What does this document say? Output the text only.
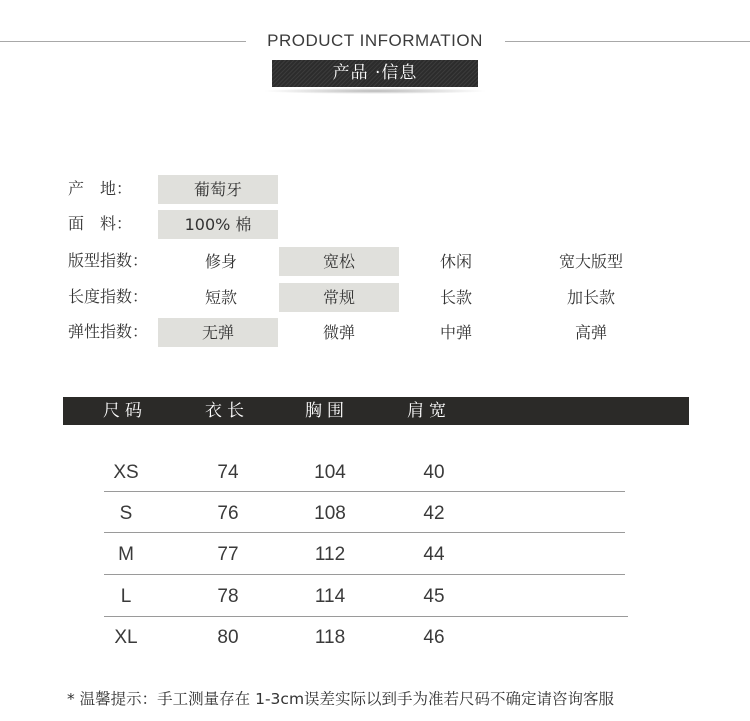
PRODUCT INFORMATION
产品 ·信息
产　地：	葡萄牙
面　料：	100% 棉
版型指数：	修身	宽松	休闲	宽大版型
长度指数：	短款	常规	长款	加长款
弹性指数：	无弹	微弹	中弹	高弹
尺码	衣长	胸围	肩宽
XS	74	104	40
S	76	108	42
M	77	112	44
L	78	114	45
XL	80	118	46
* 温馨提示：手工测量存在 1-3cm误差实际以到手为准若尺码不确定请咨询客服
